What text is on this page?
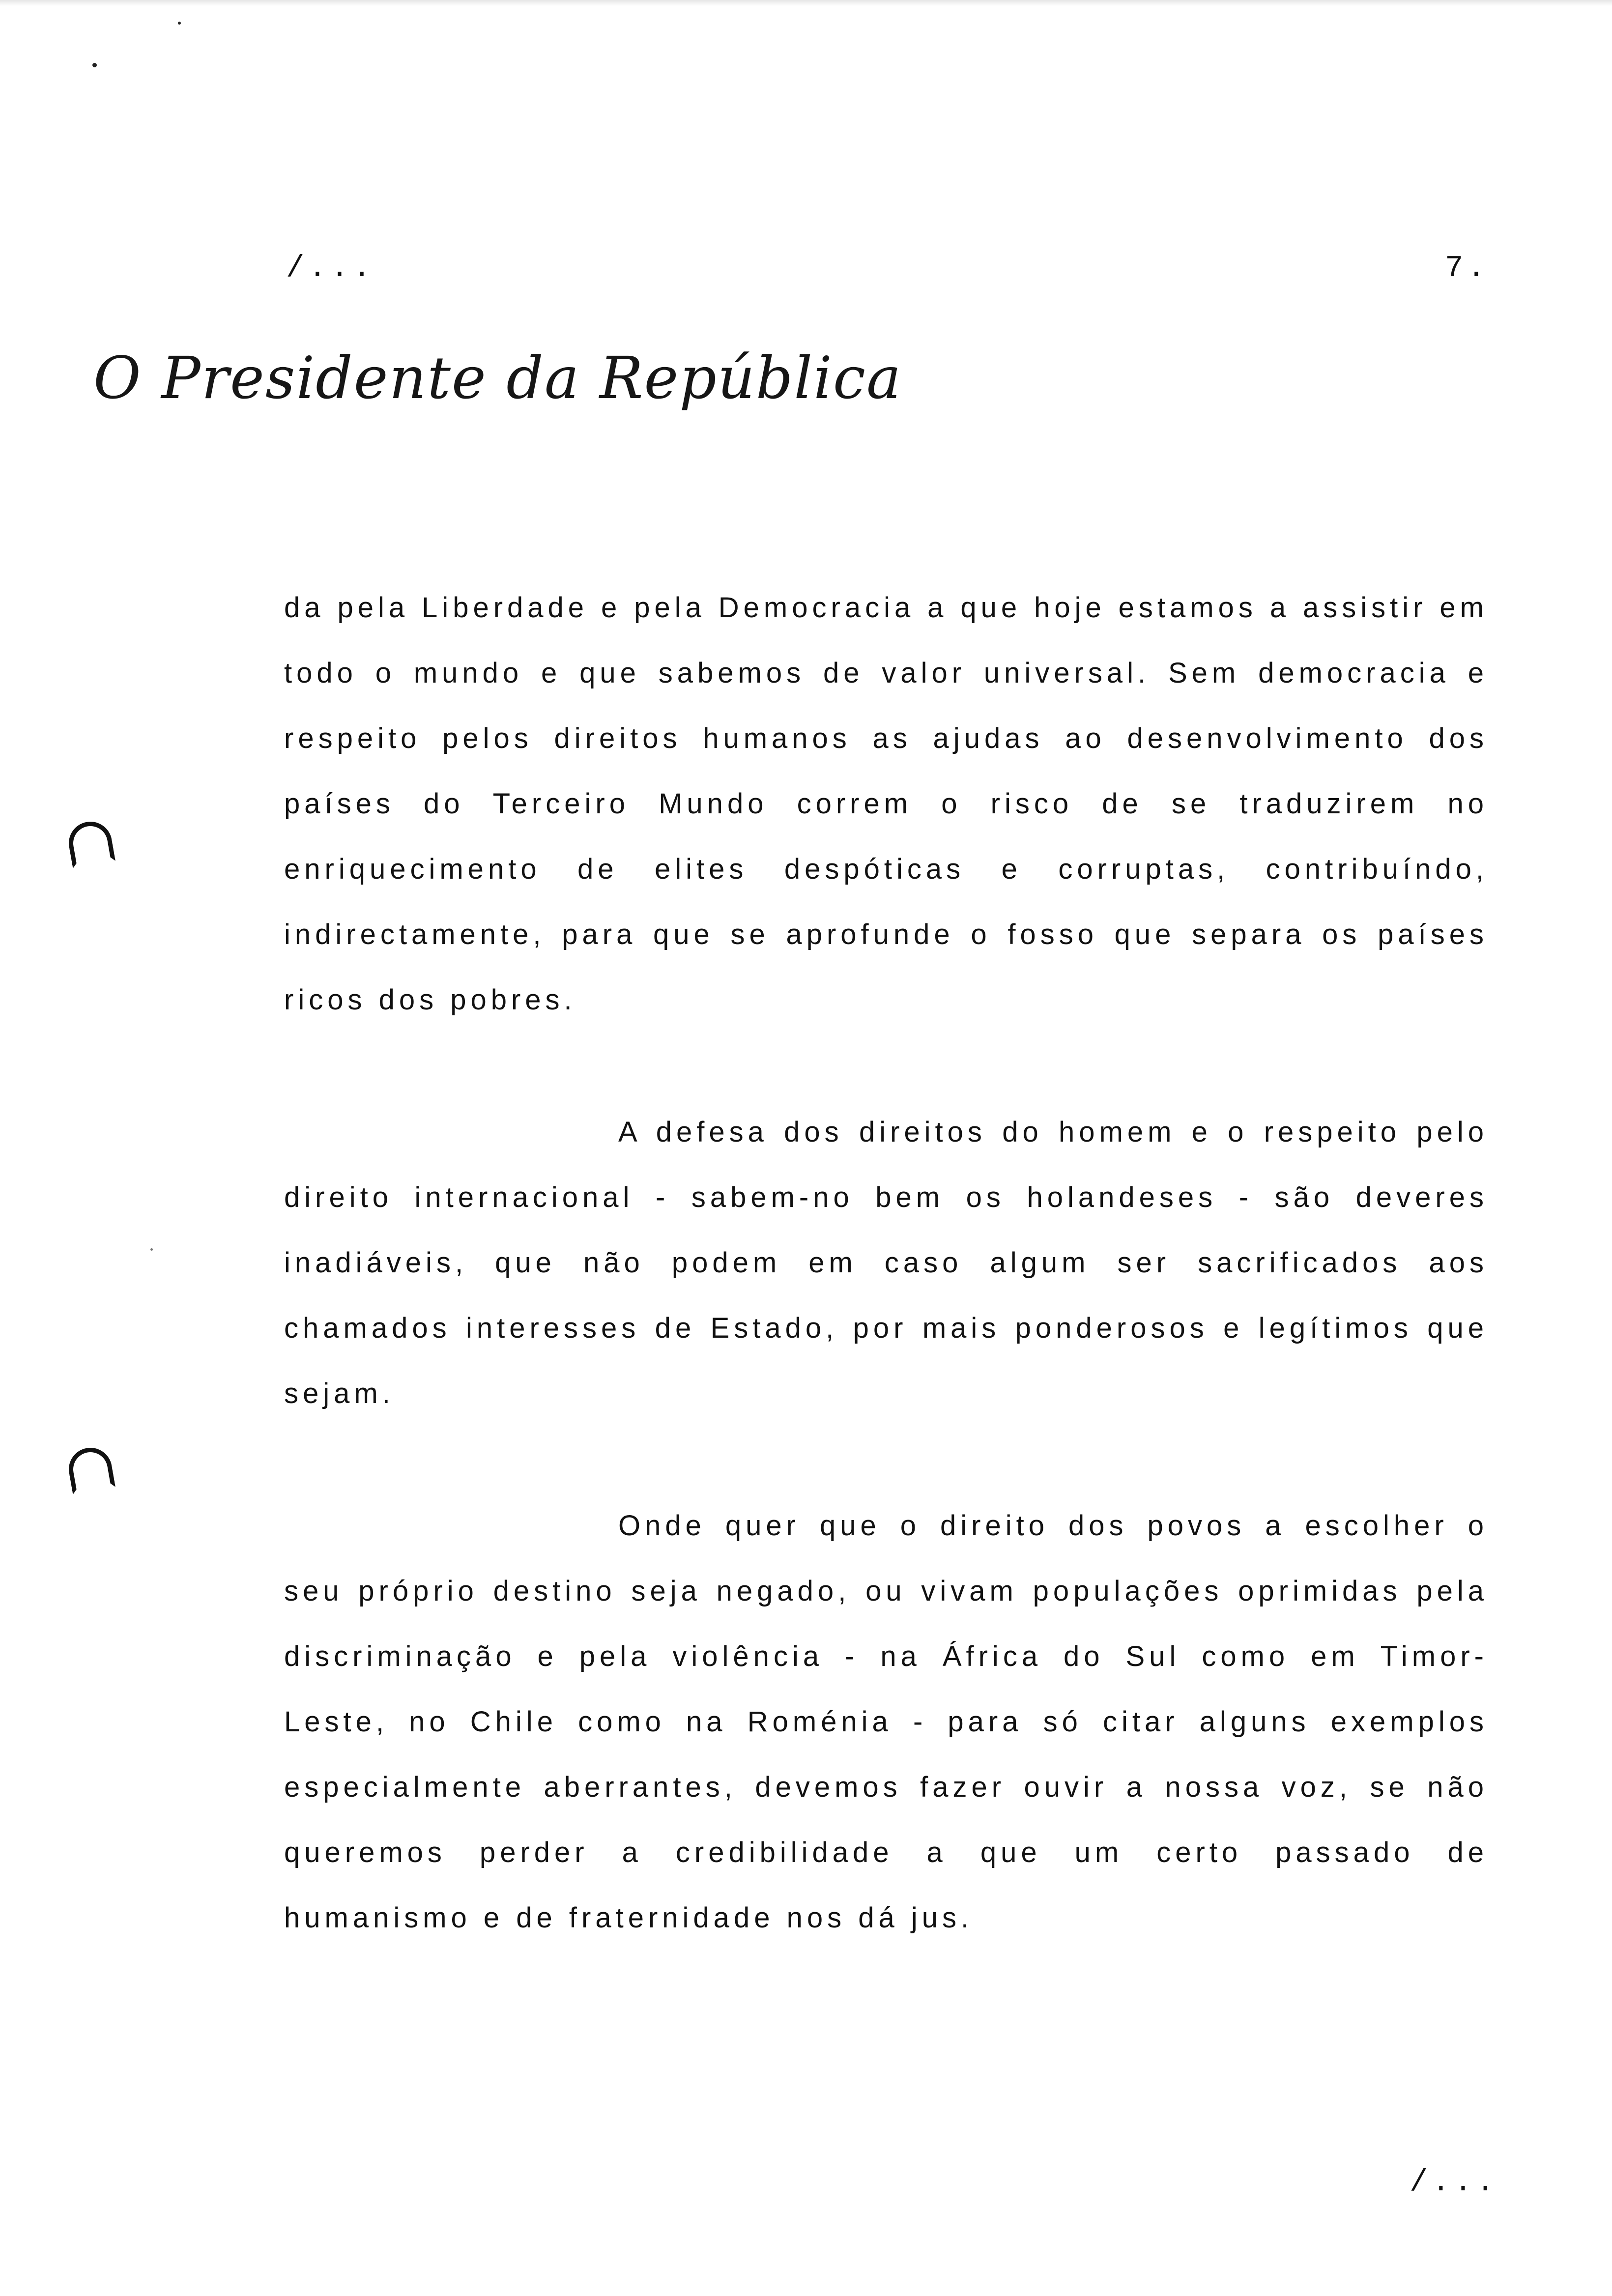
/...	7.
O Presidente da República

da pela Liberdade e pela Democracia a que hoje estamos a assistir em todo o mundo e que sabemos de valor universal. Sem democracia e respeito pelos direitos humanos as ajudas ao desenvolvimento dos países do Terceiro Mundo correm o risco de se traduzirem no enriquecimento de elites despóticas e corruptas, contribuíndo, indirectamente, para que se aprofunde o fosso que separa os países ricos dos pobres.

A defesa dos direitos do homem e o respeito pelo direito internacional - sabem-no bem os holandeses - são deveres inadiáveis, que não podem em caso algum ser sacrificados aos chamados interesses de Estado, por mais ponderosos e legítimos que sejam.

Onde quer que o direito dos povos a escolher o seu próprio destino seja negado, ou vivam populações oprimidas pela discriminação e pela violência - na África do Sul como em Timor-Leste, no Chile como na Roménia - para só citar alguns exemplos especialmente aberrantes, devemos fazer ouvir a nossa voz, se não queremos perder a credibilidade a que um certo passado de humanismo e de fraternidade nos dá jus.

/...
